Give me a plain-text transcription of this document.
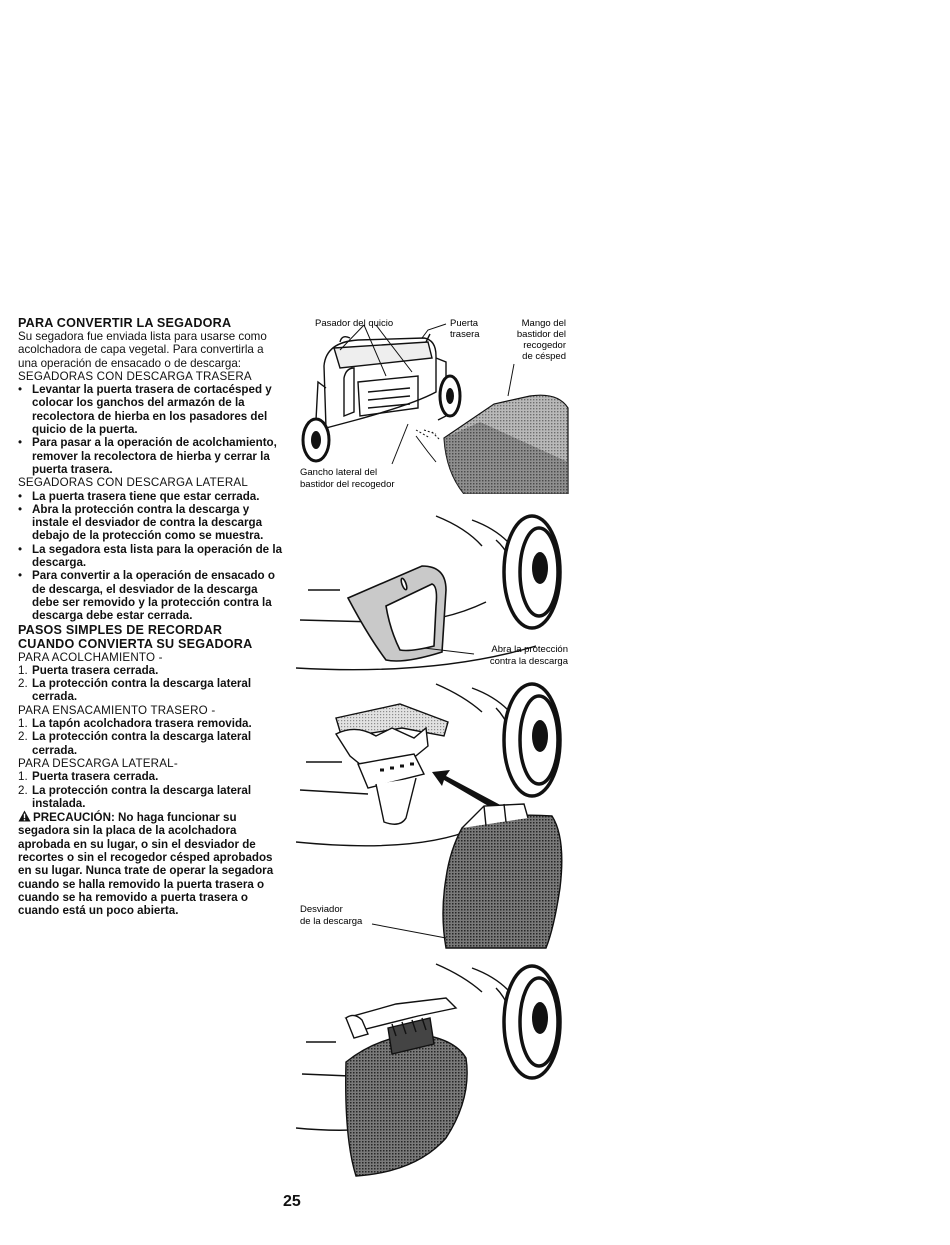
PARA CONVERTIR LA SEGADORA

Su segadora fue enviada lista para usarse como acolchadora de capa vegetal. Para convertirla a una operación de ensacado o de descarga:

SEGADORAS CON DESCARGA TRASERA

• Levantar la puerta trasera de cortacésped y colocar los ganchos del armazón de la recolectora de hierba en los pasadores del quicio de la puerta.
• Para pasar a la operación de acolchamiento, remover la recolectora de hierba y cerrar la puerta trasera.

SEGADORAS CON DESCARGA LATERAL

• La puerta trasera tiene que estar cerrada.
• Abra la protección contra la descarga y instale el desviador de contra la descarga debajo de la protección como se muestra.
• La segadora esta lista para la operación de la descarga.
• Para convertir a la operación de ensacado o de descarga, el desviador de la descarga debe ser removido y la protección contra la descarga debe estar cerrada.
PASOS SIMPLES DE RECORDAR
CUANDO CONVIERTA SU SEGADORA

PARA ACOLCHAMIENTO -

1. Puerta trasera cerrada.
2. La protección contra la descarga lateral cerrada.

PARA ENSACAMIENTO TRASERO -

1. La tapón acolchadora trasera removida.
2. La protección contra la descarga lateral cerrada.

PARA DESCARGA LATERAL-

1. Puerta trasera cerrada.
2. La protección contra la descarga lateral instalada.

PRECAUCIÓN: No haga funcionar su segadora sin la placa de la acolchadora aprobada en su lugar, o sin el desviador de recortes o sin el recogedor césped aprobados en su lugar. Nunca trate de operar la segadora cuando se halla removido la puerta trasera o cuando se ha removido a puerta trasera o cuando está un poco abierta.

Pasador del quicio	Puerta
trasera
Mango del
bastidor del
recogedor
de césped
Gancho lateral del
bastidor del recogedor
Abra la protección
contra la descarga
Desviador
de la descarga
25
